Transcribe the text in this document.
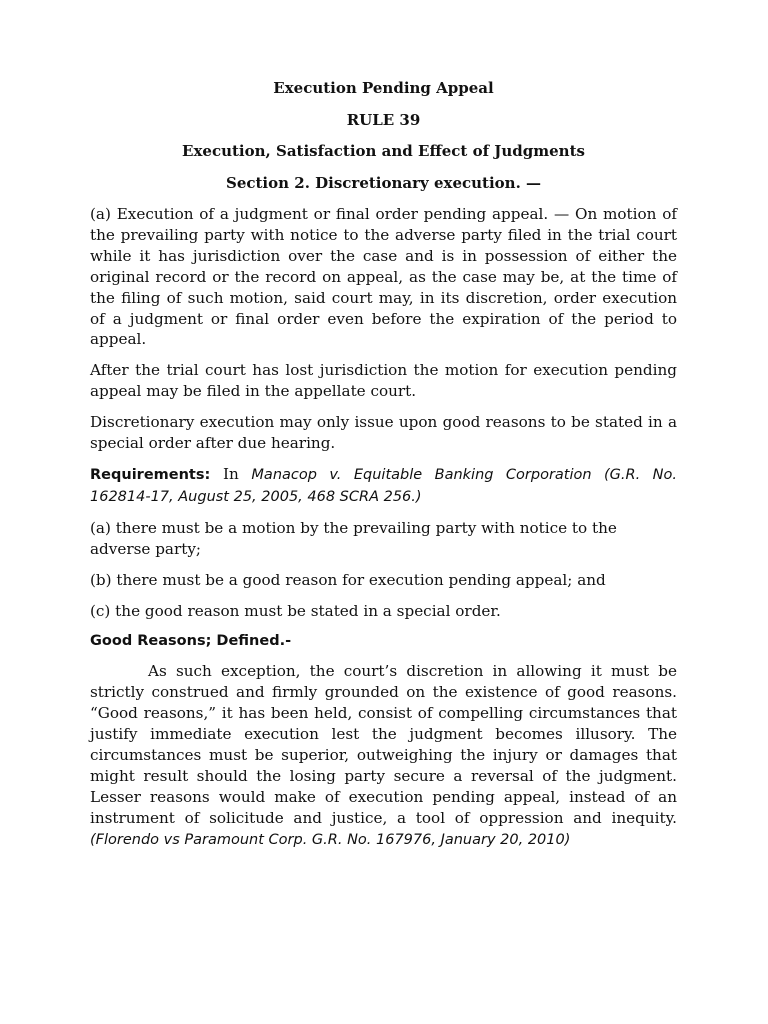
Execution Pending Appeal
RULE 39
Execution, Satisfaction and Effect of Judgments
Section 2. Discretionary execution. —

(a) Execution of a judgment or final order pending appeal. — On motion of the prevailing party with notice to the adverse party filed in the trial court while it has jurisdiction over the case and is in possession of either the original record or the record on appeal, as the case may be, at the time of the filing of such motion, said court may, in its discretion, order execution of a judgment or final order even before the expiration of the period to appeal.

After the trial court has lost jurisdiction the motion for execution pending appeal may be filed in the appellate court.

Discretionary execution may only issue upon good reasons to be stated in a special order after due hearing.

Requirements: In Manacop v. Equitable Banking Corporation (G.R. No. 162814-17, August 25, 2005, 468 SCRA 256.)

(a) there must be a motion by the prevailing party with notice to the adverse party;

(b) there must be a good reason for execution pending appeal; and

(c) the good reason must be stated in a special order.

Good Reasons; Defined.-

As such exception, the court’s discretion in allowing it must be strictly construed and firmly grounded on the existence of good reasons. “Good reasons,” it has been held, consist of compelling circumstances that justify immediate execution lest the judgment becomes illusory. The circumstances must be superior, outweighing the injury or damages that might result should the losing party secure a reversal of the judgment. Lesser reasons would make of execution pending appeal, instead of an instrument of solicitude and justice, a tool of oppression and inequity. (Florendo vs Paramount Corp. G.R. No. 167976, January 20, 2010)
